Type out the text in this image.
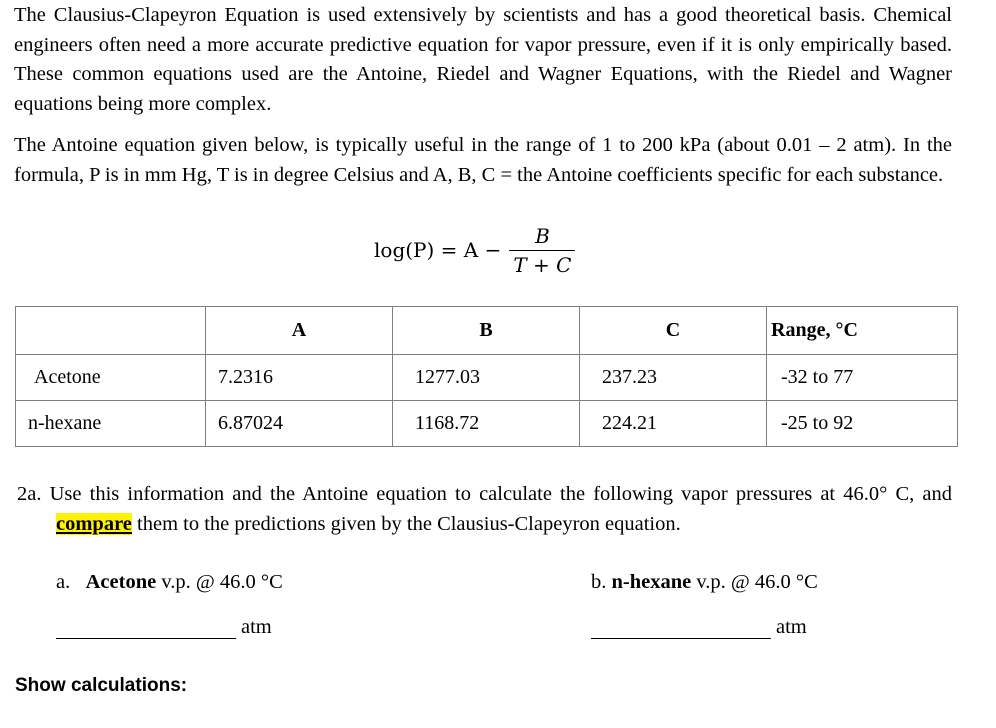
The Clausius-Clapeyron Equation is used extensively by scientists and has a good theoretical basis. Chemical engineers often need a more accurate predictive equation for vapor pressure, even if it is only empirically based. These common equations used are the Antoine, Riedel and Wagner Equations, with the Riedel and Wagner equations being more complex.
The Antoine equation given below, is typically useful in the range of 1 to 200 kPa (about 0.01 – 2 atm). In the formula, P is in mm Hg, T is in degree Celsius and A, B, C = the Antoine coefficients specific for each substance.
$\log(P) = A - \frac{B}{T + C}$
	A	B	C	Range, °C
Acetone	7.2316	1277.03	237.23	-32 to 77
n-hexane	6.87024	1168.72	224.21	-25 to 92
2a. Use this information and the Antoine equation to calculate the following vapor pressures at 46.0° C, and compare them to the predictions given by the Clausius-Clapeyron equation.
a. Acetone v.p. @ 46.0 °C	b. n-hexane v.p. @ 46.0 °C
atm	atm
Show calculations:
